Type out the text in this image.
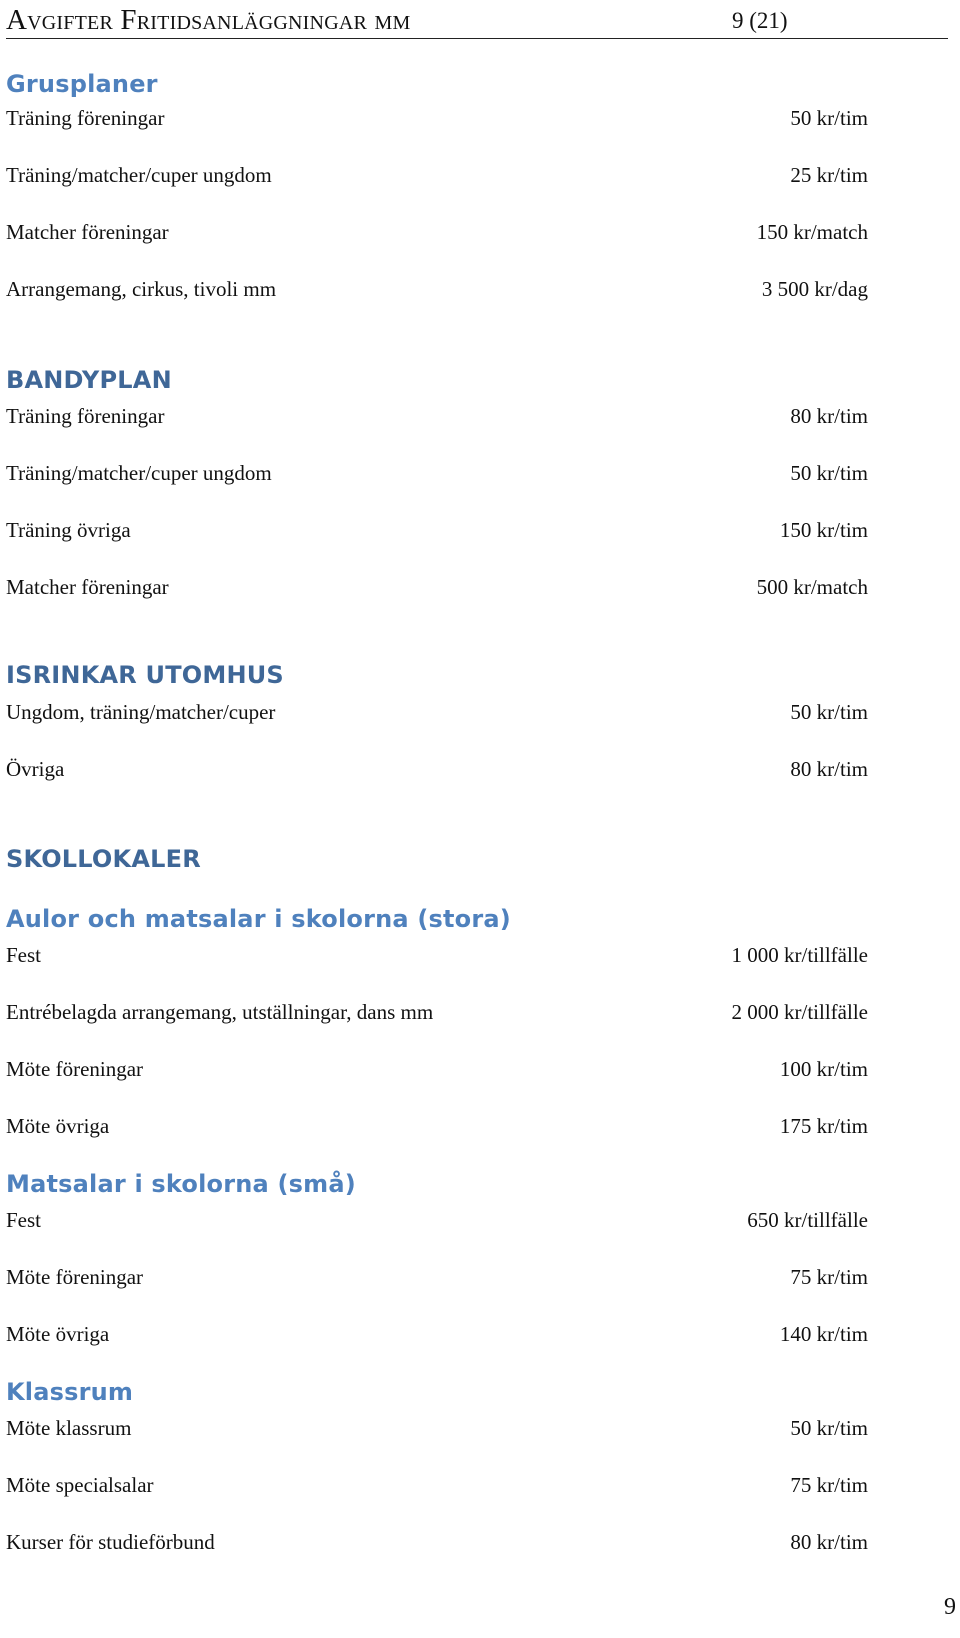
Avgifter Fritidsanläggningar mm	9 (21)
Grusplaner
Träning föreningar	50 kr/tim
Träning/matcher/cuper ungdom	25 kr/tim
Matcher föreningar	150 kr/match
Arrangemang, cirkus, tivoli mm	3 500 kr/dag
BANDYPLAN
Träning föreningar	80 kr/tim
Träning/matcher/cuper ungdom	50 kr/tim
Träning övriga	150 kr/tim
Matcher föreningar	500 kr/match
ISRINKAR UTOMHUS
Ungdom, träning/matcher/cuper	50 kr/tim
Övriga	80 kr/tim
SKOLLOKALER
Aulor och matsalar i skolorna (stora)
Fest	1 000 kr/tillfälle
Entrébelagda arrangemang, utställningar, dans mm	2 000 kr/tillfälle
Möte föreningar	100 kr/tim
Möte övriga	175 kr/tim
Matsalar i skolorna (små)
Fest	650 kr/tillfälle
Möte föreningar	75 kr/tim
Möte övriga	140 kr/tim
Klassrum
Möte klassrum	50 kr/tim
Möte specialsalar	75 kr/tim
Kurser för studieförbund	80 kr/tim
9
